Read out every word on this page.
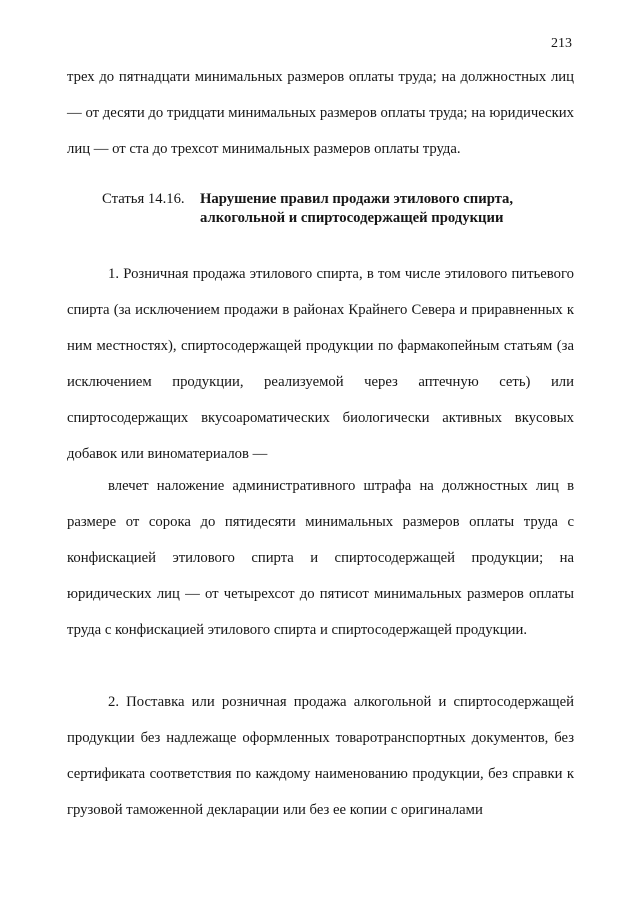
213

трех до пятнадцати минимальных размеров оплаты труда; на должностных лиц — от десяти до тридцати минимальных размеров оплаты труда; на юридических лиц — от ста до трехсот минимальных размеров оплаты труда.

Статья 14.16. Нарушение правил продажи этилового спирта, алкогольной и спиртосодержащей продукции

1. Розничная продажа этилового спирта, в том числе этилового питьевого спирта (за исключением продажи в районах Крайнего Севера и приравненных к ним местностях), спиртосодержащей продукции по фармакопейным статьям (за исключением продукции, реализуемой через аптечную сеть) или спиртосодержащих вкусоароматических биологически активных вкусовых добавок или виноматериалов —

влечет наложение административного штрафа на должностных лиц в размере от сорока до пятидесяти минимальных размеров оплаты труда с конфискацией этилового спирта и спиртосодержащей продукции; на юридических лиц — от четырехсот до пятисот минимальных размеров оплаты труда с конфискацией этилового спирта и спиртосодержащей продукции.

2. Поставка или розничная продажа алкогольной и спиртосодержащей продукции без надлежаще оформленных товаротранспортных документов, без сертификата соответствия по каждому наименованию продукции, без справки к грузовой таможенной декларации или без ее копии с оригиналами
